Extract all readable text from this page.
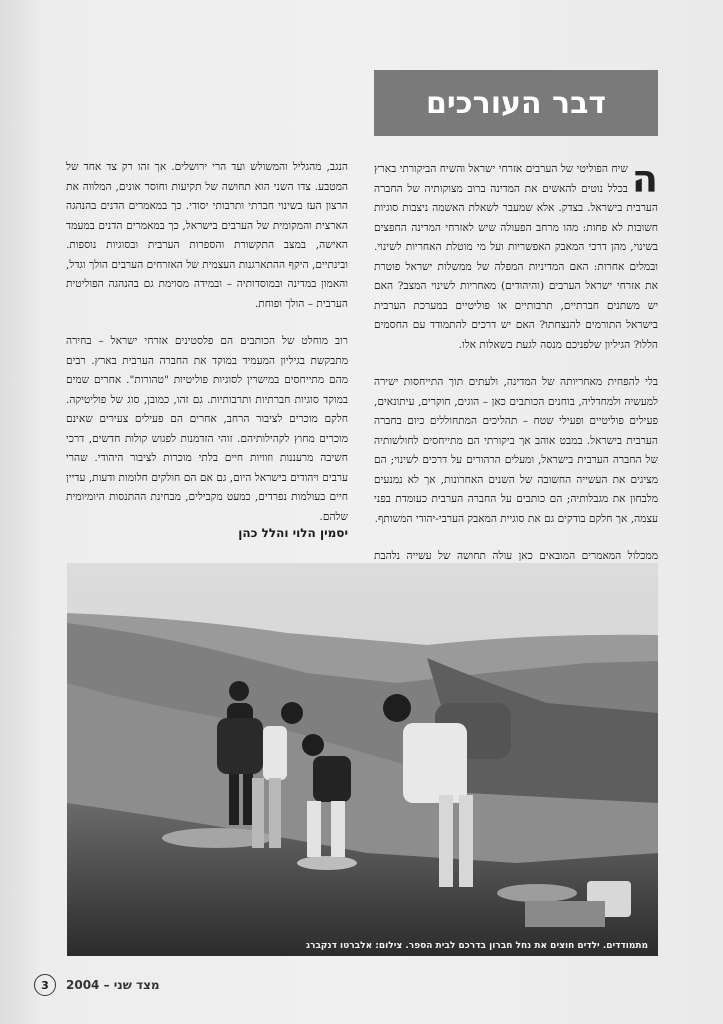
דבר העורכים

ה
שיח הפוליטי של הערבים אזרחי ישראל והשיח הביקורתי בארץ בכלל נוטים להאשים את המדינה ברוב מצוקותיה של החברה הערבית בישראל. בצדק. אלא שמעבר לשאלת האשמה ניצבות סוגיות חשובות לא פחות: מהו מרחב הפעולה שיש לאזרחי המדינה החפצים בשינוי, מהן דרכי המאבק האפשריות ועל מי מוטלת האחריות לשינוי. ובמלים אחרות: האם המדיניות המפלה של ממשלות ישראל פוטרת את אזרחי ישראל הערבים (והיהודים) מאחריות לשינוי המצב? האם יש משתנים חברתיים, תרבותיים או פוליטיים במערכת הערבית בישראל התורמים להנצחתו? האם יש דרכים להתמודד עם החסמים הללו? הגיליון שלפניכם מנסה לגעת בשאלות אלו.

בלי להפחית מאחריותה של המדינה, ולעתים תוך התייחסות ישירה למעשיה ולמחדליה, בוחנים הכותבים כאן – הוגים, חוקרים, עיתונאים, פעילים פוליטיים ופעילי שטח – תהליכים המתחוללים כיום בחברה הערבית בישראל. במבט אוהב אך ביקורתי הם מתייחסים לחולשותיה של החברה הערבית בישראל, ומעלים הרהורים על דרכים לשינוי; הם מציגים את העשייה החשובה של השנים האחרונות, אך לא נמנעים מלבחון את מגבלותיה; הם כותבים על החברה הערבית כעומדת בפני עצמה, אך חלקם בודקים גם את סוגיית המאבק הערבי-יהודי המשותף.

ממכלול המאמרים המובאים כאן עולה תחושה של עשייה נלהבת

הנגב, מהגליל והמשולש ועד הרי ירושלים. אך זהו רק צד אחד של המטבע. צדו השני הוא תחושה של תקיעות וחוסר אונים, המלווה את הרצון העז בשינוי חברתי ותרבותי יסודי. כך במאמרים הדנים בהנהגה הארצית והמקומית של הערבים בישראל, כך במאמרים הדנים במעמד האישה, במצב התקשורת והספרות הערבית ובסוגיות נוספות. ובינתיים, היקף ההתארגנות העצמית של האזרחים הערבים הולך וגדל, והאמון במדינה ובמוסדותיה – ובמידה מסוימת גם בהנהגה הפוליטית הערבית – הולך ופוחת.

רוב מוחלט של הכותבים הם פלסטינים אזרחי ישראל – בחירה מתבקשת בגיליון המעמיד במוקד את החברה הערבית בארץ. רבים מהם מתייחסים במישרין לסוגיות פוליטיות "טהורות". אחרים שמים במוקד סוגיות חברתיות ותרבותיות. גם זהו, כמובן, סוג של פוליטיקה. חלקם מוכרים לציבור הרחב, אחרים הם פעילים צעירים שאינם מוכרים מחוץ לקהילותיהם. זוהי הזדמנות לפגוש קולות חדשים, דרכי חשיבה מרעננות וזוויות חיים בלתי מוכרות לציבור היהודי. שהרי ערבים ויהודים בישראל היום, גם אם הם חולקים חלומות ודעות, עדיין חיים בעולמות נפרדים, כמעט מקבילים, מבחינת ההתנסות היומיומית שלהם.

יסמין הלוי והלל כהן
מתמודדים. ילדים חוצים את נחל חברון בדרכם לבית הספר. צילום: אלברטו דנקברג
3	מצד שני – 2004
